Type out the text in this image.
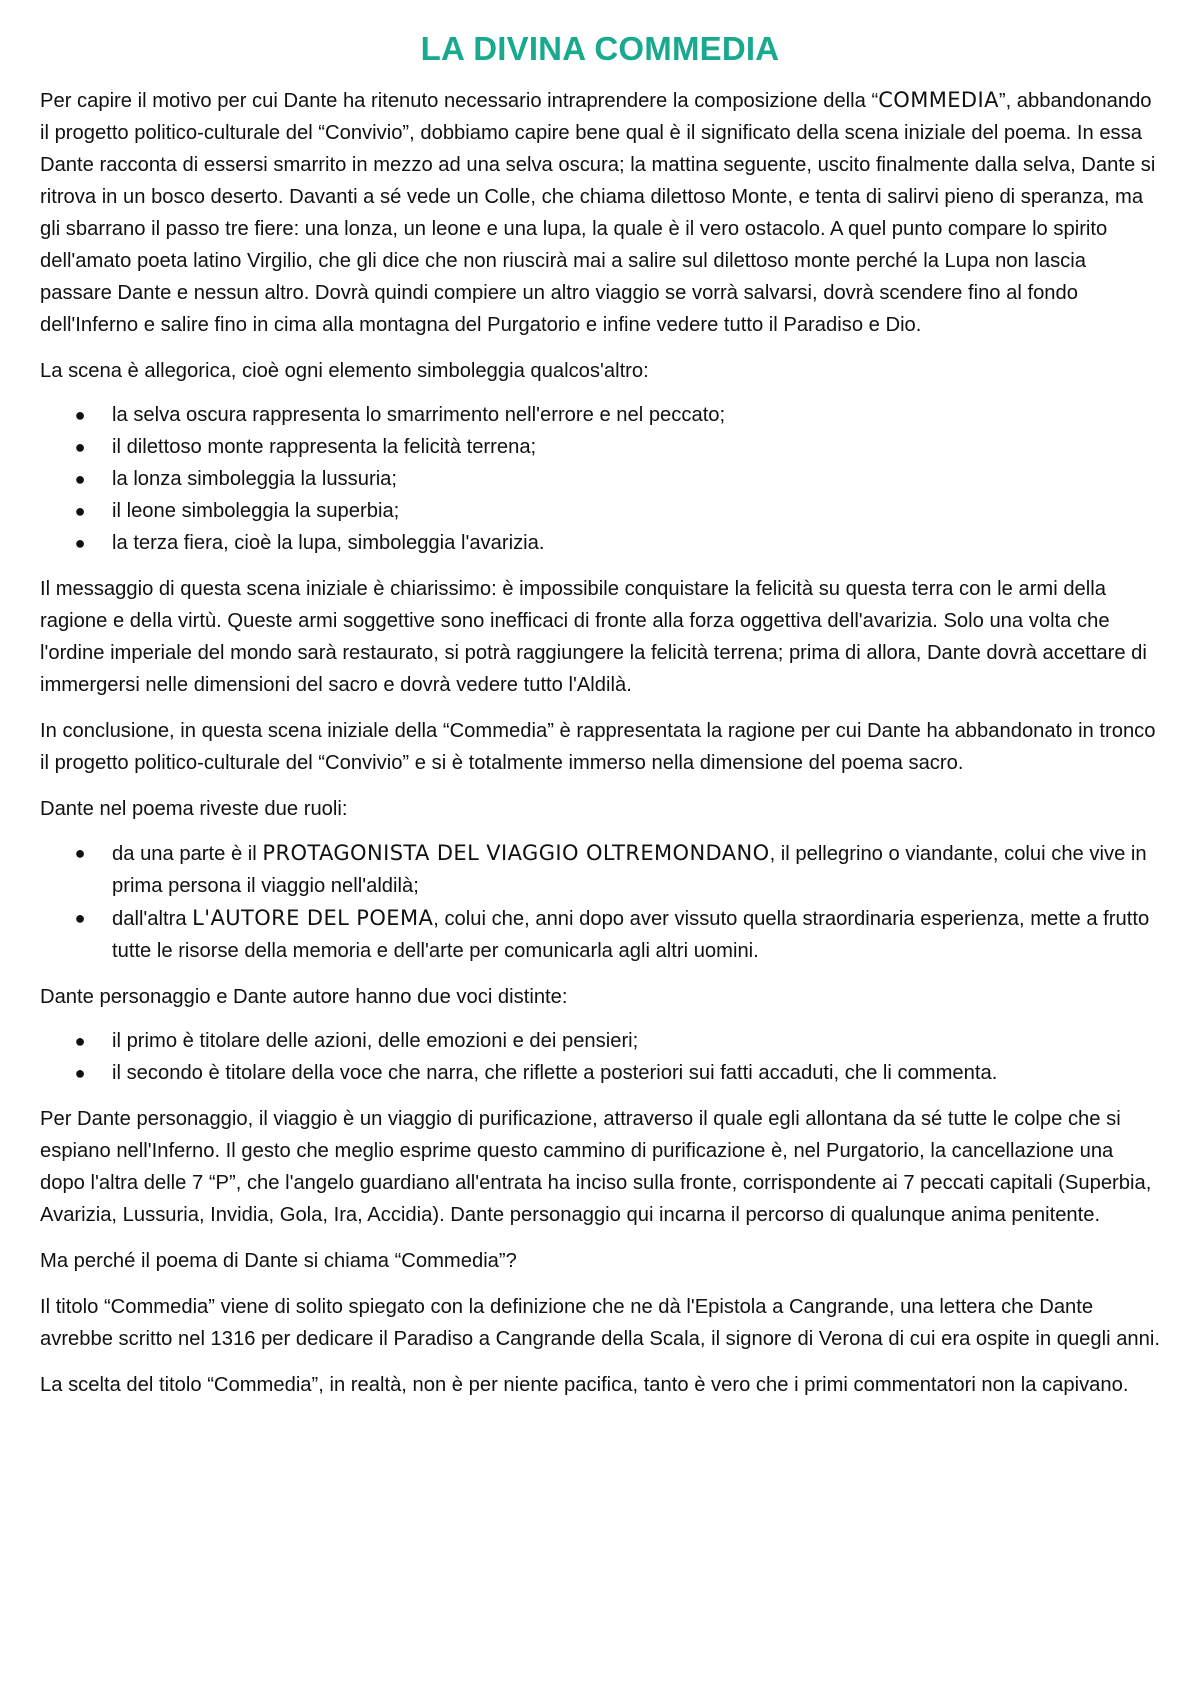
LA DIVINA COMMEDIA

Per capire il motivo per cui Dante ha ritenuto necessario intraprendere la composizione della “COMMEDIA”, abbandonando il progetto politico-culturale del “Convivio”, dobbiamo capire bene qual è il significato della scena iniziale del poema. In essa Dante racconta di essersi smarrito in mezzo ad una selva oscura; la mattina seguente, uscito finalmente dalla selva, Dante si ritrova in un bosco deserto. Davanti a sé vede un Colle, che chiama dilettoso Monte, e tenta di salirvi pieno di speranza, ma gli sbarrano il passo tre fiere: una lonza, un leone e una lupa, la quale è il vero ostacolo. A quel punto compare lo spirito dell'amato poeta latino Virgilio, che gli dice che non riuscirà mai a salire sul dilettoso monte perché la Lupa non lascia passare Dante e nessun altro. Dovrà quindi compiere un altro viaggio se vorrà salvarsi, dovrà scendere fino al fondo dell'Inferno e salire fino in cima alla montagna del Purgatorio e infine vedere tutto il Paradiso e Dio.

La scena è allegorica, cioè ogni elemento simboleggia qualcos'altro:

● la selva oscura rappresenta lo smarrimento nell'errore e nel peccato;
● il dilettoso monte rappresenta la felicità terrena;
● la lonza simboleggia la lussuria;
● il leone simboleggia la superbia;
● la terza fiera, cioè la lupa, simboleggia l'avarizia.

Il messaggio di questa scena iniziale è chiarissimo: è impossibile conquistare la felicità su questa terra con le armi della ragione e della virtù. Queste armi soggettive sono inefficaci di fronte alla forza oggettiva dell'avarizia. Solo una volta che l'ordine imperiale del mondo sarà restaurato, si potrà raggiungere la felicità terrena; prima di allora, Dante dovrà accettare di immergersi nelle dimensioni del sacro e dovrà vedere tutto l'Aldilà.

In conclusione, in questa scena iniziale della “Commedia” è rappresentata la ragione per cui Dante ha abbandonato in tronco il progetto politico-culturale del “Convivio” e si è totalmente immerso nella dimensione del poema sacro.

Dante nel poema riveste due ruoli:

● da una parte è il PROTAGONISTA DEL VIAGGIO OLTREMONDANO, il pellegrino o viandante, colui che vive in prima persona il viaggio nell'aldilà;
● dall'altra L'AUTORE DEL POEMA, colui che, anni dopo aver vissuto quella straordinaria esperienza, mette a frutto tutte le risorse della memoria e dell'arte per comunicarla agli altri uomini.

Dante personaggio e Dante autore hanno due voci distinte:

● il primo è titolare delle azioni, delle emozioni e dei pensieri;
● il secondo è titolare della voce che narra, che riflette a posteriori sui fatti accaduti, che li commenta.

Per Dante personaggio, il viaggio è un viaggio di purificazione, attraverso il quale egli allontana da sé tutte le colpe che si espiano nell'Inferno. Il gesto che meglio esprime questo cammino di purificazione è, nel Purgatorio, la cancellazione una dopo l'altra delle 7 “P”, che l'angelo guardiano all'entrata ha inciso sulla fronte, corrispondente ai 7 peccati capitali (Superbia, Avarizia, Lussuria, Invidia, Gola, Ira, Accidia). Dante personaggio qui incarna il percorso di qualunque anima penitente.

Ma perché il poema di Dante si chiama “Commedia”?

Il titolo “Commedia” viene di solito spiegato con la definizione che ne dà l'Epistola a Cangrande, una lettera che Dante avrebbe scritto nel 1316 per dedicare il Paradiso a Cangrande della Scala, il signore di Verona di cui era ospite in quegli anni.

La scelta del titolo “Commedia”, in realtà, non è per niente pacifica, tanto è vero che i primi commentatori non la capivano.
